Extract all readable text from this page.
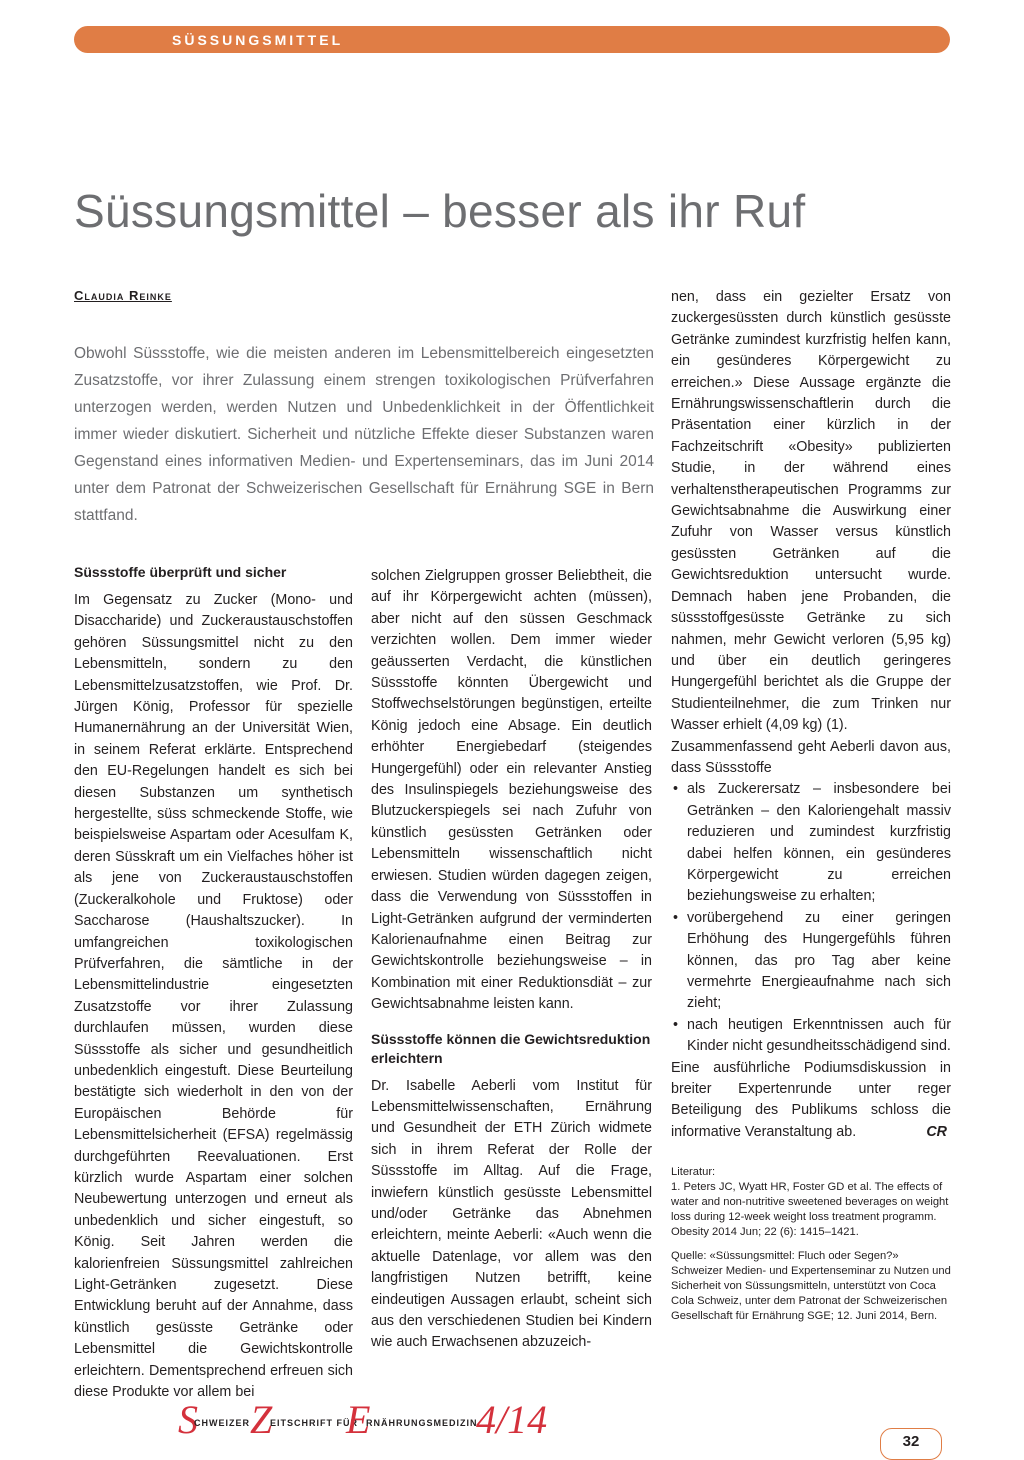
SÜSSUNGSMITTEL
Süssungsmittel – besser als ihr Ruf
Claudia Reinke

Obwohl Süssstoffe, wie die meisten anderen im Lebensmittelbereich eingesetzten Zusatzstoffe, vor ihrer Zulassung einem strengen toxikologischen Prüfverfahren unterzogen werden, werden Nutzen und Unbedenklichkeit in der Öffentlichkeit immer wieder diskutiert. Sicherheit und nützliche Effekte dieser Substanzen waren Gegenstand eines informativen Medien- und Expertenseminars, das im Juni 2014 unter dem Patronat der Schweizerischen Gesellschaft für Ernährung SGE in Bern stattfand.

Süssstoffe überprüft und sicher

Im Gegensatz zu Zucker (Mono- und Disaccharide) und Zuckeraustauschstoffen gehören Süssungsmittel nicht zu den Lebensmitteln, sondern zu den Lebensmittelzusatzstoffen, wie Prof. Dr. Jürgen König, Professor für spezielle Humanernährung an der Universität Wien, in seinem Referat erklärte. Entsprechend den EU-Regelungen handelt es sich bei diesen Substanzen um synthetisch hergestellte, süss schmeckende Stoffe, wie beispielsweise Aspartam oder Acesulfam K, deren Süsskraft um ein Vielfaches höher ist als jene von Zuckeraustauschstoffen (Zuckeralkohole und Fruktose) oder Saccharose (Haushaltszucker). In umfangreichen toxikologischen Prüfverfahren, die sämtliche in der Lebensmittelindustrie eingesetzten Zusatzstoffe vor ihrer Zulassung durchlaufen müssen, wurden diese Süssstoffe als sicher und gesundheitlich unbedenklich eingestuft. Diese Beurteilung bestätigte sich wiederholt in den von der Europäischen Behörde für Lebensmittelsicherheit (EFSA) regelmässig durchgeführten Reevaluationen. Erst kürzlich wurde Aspartam einer solchen Neubewertung unterzogen und erneut als unbedenklich und sicher eingestuft, so König. Seit Jahren werden die kalorienfreien Süssungsmittel zahlreichen Light-Getränken zugesetzt. Diese Entwicklung beruht auf der Annahme, dass künstlich gesüsste Getränke oder Lebensmittel die Gewichtskontrolle erleichtern. Dementsprechend erfreuen sich diese Produkte vor allem bei

solchen Zielgruppen grosser Beliebtheit, die auf ihr Körpergewicht achten (müssen), aber nicht auf den süssen Geschmack verzichten wollen. Dem immer wieder geäusserten Verdacht, die künstlichen Süssstoffe könnten Übergewicht und Stoffwechselstörungen begünstigen, erteilte König jedoch eine Absage. Ein deutlich erhöhter Energiebedarf (steigendes Hungergefühl) oder ein relevanter Anstieg des Insulinspiegels beziehungsweise des Blutzuckerspiegels sei nach Zufuhr von künstlich gesüssten Getränken oder Lebensmitteln wissenschaftlich nicht erwiesen. Studien würden dagegen zeigen, dass die Verwendung von Süssstoffen in Light-Getränken aufgrund der verminderten Kalorienaufnahme einen Beitrag zur Gewichtskontrolle beziehungsweise – in Kombination mit einer Reduktionsdiät – zur Gewichtsabnahme leisten kann.

Süssstoffe können die Gewichtsreduktion erleichtern

Dr. Isabelle Aeberli vom Institut für Lebensmittelwissenschaften, Ernährung und Gesundheit der ETH Zürich widmete sich in ihrem Referat der Rolle der Süssstoffe im Alltag. Auf die Frage, inwiefern künstlich gesüsste Lebensmittel und/oder Getränke das Abnehmen erleichtern, meinte Aeberli: «Auch wenn die aktuelle Datenlage, vor allem was den langfristigen Nutzen betrifft, keine eindeutigen Aussagen erlaubt, scheint sich aus den verschiedenen Studien bei Kindern wie auch Erwachsenen abzuzeich-

nen, dass ein gezielter Ersatz von zuckergesüssten durch künstlich gesüsste Getränke zumindest kurzfristig helfen kann, ein gesünderes Körpergewicht zu erreichen.» Diese Aussage ergänzte die Ernährungswissenschaftlerin durch die Präsentation einer kürzlich in der Fachzeitschrift «Obesity» publizierten Studie, in der während eines verhaltenstherapeutischen Programms zur Gewichtsabnahme die Auswirkung einer Zufuhr von Wasser versus künstlich gesüssten Getränken auf die Gewichtsreduktion untersucht wurde. Demnach haben jene Probanden, die süssstoffgesüsste Getränke zu sich nahmen, mehr Gewicht verloren (5,95 kg) und über ein deutlich geringeres Hungergefühl berichtet als die Gruppe der Studienteilnehmer, die zum Trinken nur Wasser erhielt (4,09 kg) (1).

Zusammenfassend geht Aeberli davon aus, dass Süssstoffe

• als Zuckerersatz – insbesondere bei Getränken – den Kaloriengehalt massiv reduzieren und zumindest kurzfristig dabei helfen können, ein gesünderes Körpergewicht zu erreichen beziehungsweise zu erhalten;
• vorübergehend zu einer geringen Erhöhung des Hungergefühls führen können, das pro Tag aber keine vermehrte Energieaufnahme nach sich zieht;
• nach heutigen Erkenntnissen auch für Kinder nicht gesundheitsschädigend sind.

Eine ausführliche Podiumsdiskussion in breiter Expertenrunde unter reger Beteiligung des Publikums schloss die informative Veranstaltung ab.	CR

Literatur:
1. Peters JC, Wyatt HR, Foster GD et al. The effects of water and non-nutritive sweetened beverages on weight loss during 12-week weight loss treatment programm. Obesity 2014 Jun; 22 (6): 1415–1421.

Quelle: «Süssungsmittel: Fluch oder Segen?» Schweizer Medien- und Expertenseminar zu Nutzen und Sicherheit von Süssungsmitteln, unterstützt von Coca Cola Schweiz, unter dem Patronat der Schweizerischen Gesellschaft für Ernährung SGE; 12. Juni 2014, Bern.

S
CHWEIZER Z
EITSCHRIFT FÜR
E
RNÄHRUNGSMEDIZIN
4/14	32
